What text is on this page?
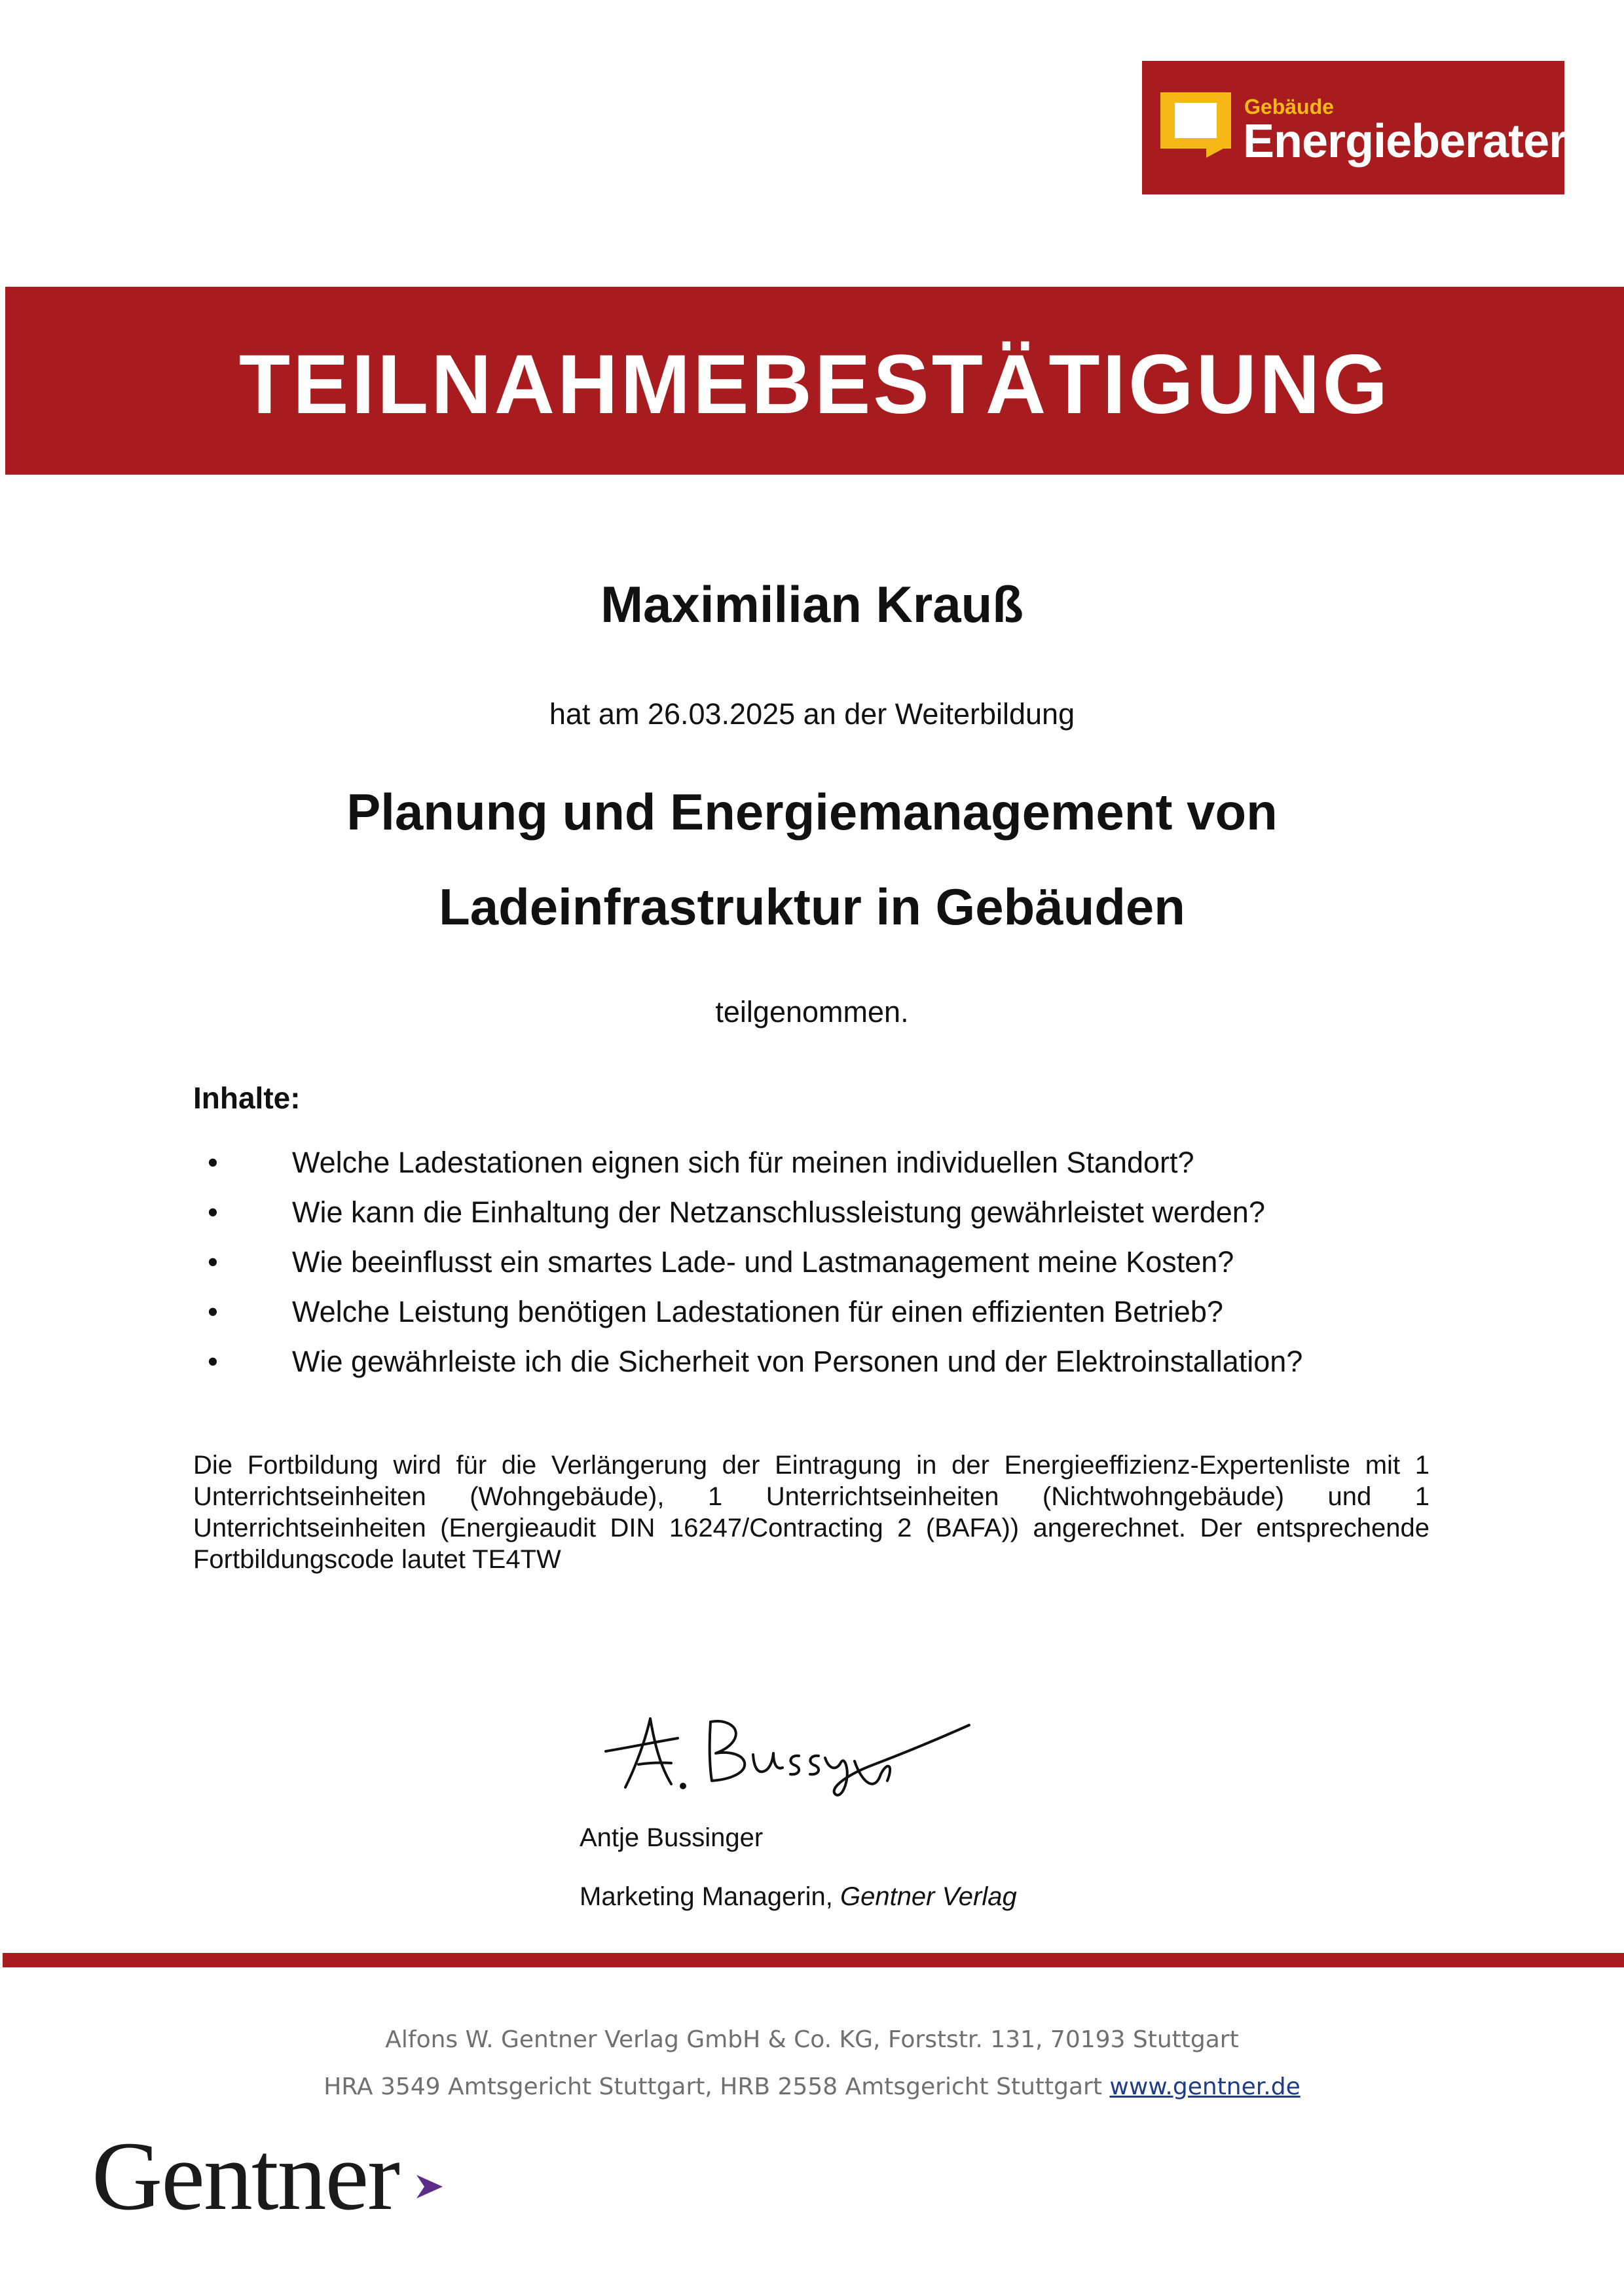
Gebäude
Energieberater
TEILNAHMEBESTÄTIGUNG
Maximilian Krauß
hat am 26.03.2025 an der Weiterbildung
Planung und Energiemanagement von
Ladeinfrastruktur in Gebäuden
teilgenommen.
Inhalte:
•	Welche Ladestationen eignen sich für meinen individuellen Standort?
•	Wie kann die Einhaltung der Netzanschlussleistung gewährleistet werden?
•	Wie beeinflusst ein smartes Lade- und Lastmanagement meine Kosten?
•	Welche Leistung benötigen Ladestationen für einen effizienten Betrieb?
•	Wie gewährleiste ich die Sicherheit von Personen und der Elektroinstallation?
Die Fortbildung wird für die Verlängerung der Eintragung in der Energieeffizienz-Expertenliste mit 1 Unterrichtseinheiten (Wohngebäude), 1 Unterrichtseinheiten (Nichtwohngebäude) und 1 Unterrichtseinheiten (Energieaudit DIN 16247/Contracting 2 (BAFA)) angerechnet. Der entsprechende Fortbildungscode lautet TE4TW
Antje Bussinger
Marketing Managerin, Gentner Verlag
Alfons W. Gentner Verlag GmbH & Co. KG, Forststr. 131, 70193 Stuttgart
HRA 3549 Amtsgericht Stuttgart, HRB 2558 Amtsgericht Stuttgart www.gentner.de
Gentner
